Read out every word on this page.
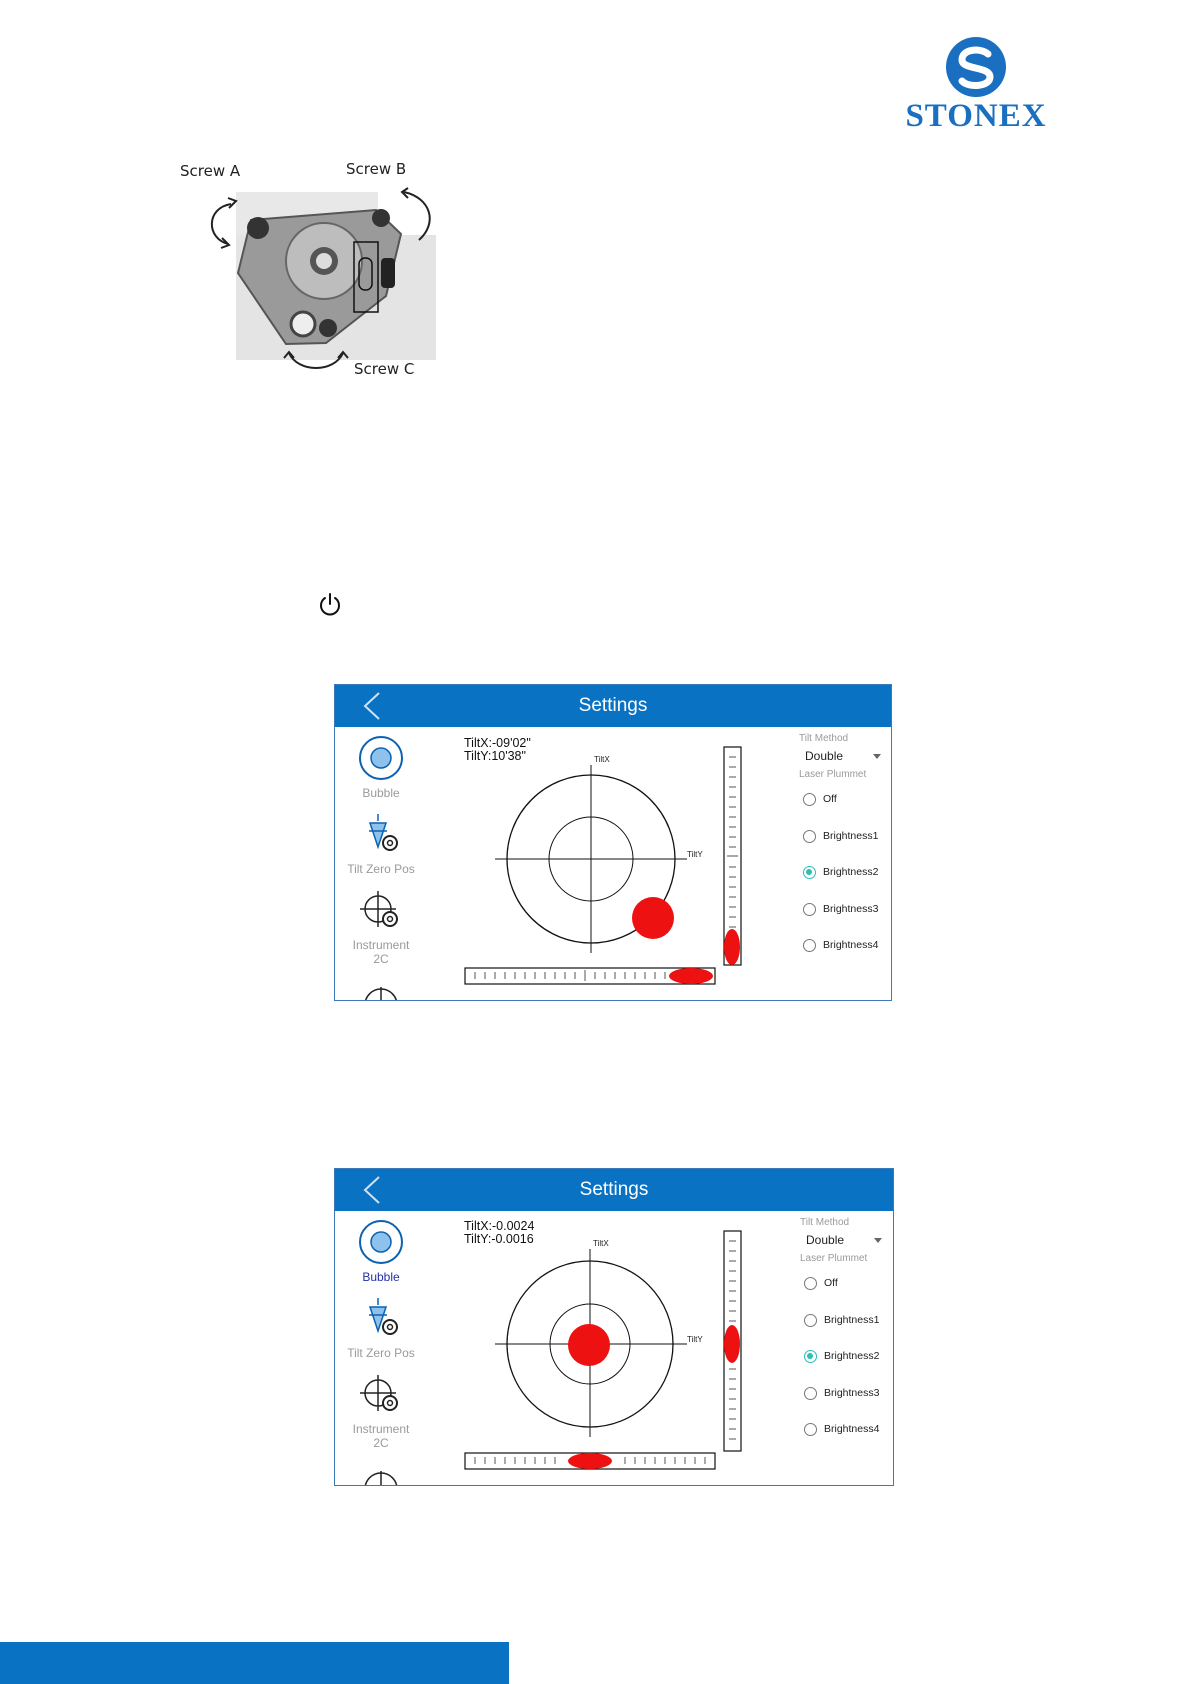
STONEX
Screw A	Screw B
Screw C
Settings
Bubble
Tilt Zero Pos
Instrument
2C
TiltX:-09'02"
TiltY:10'38"	TiltX
TiltY
Tilt Method
Double
Laser Plummet
Off
Brightness1
Brightness2
Brightness3
Brightness4
Settings
Bubble
Tilt Zero Pos
Instrument
2C
TiltX:-0.0024
TiltY:-0.0016	TiltX
TiltY
Tilt Method
Double
Laser Plummet
Off
Brightness1
Brightness2
Brightness3
Brightness4
